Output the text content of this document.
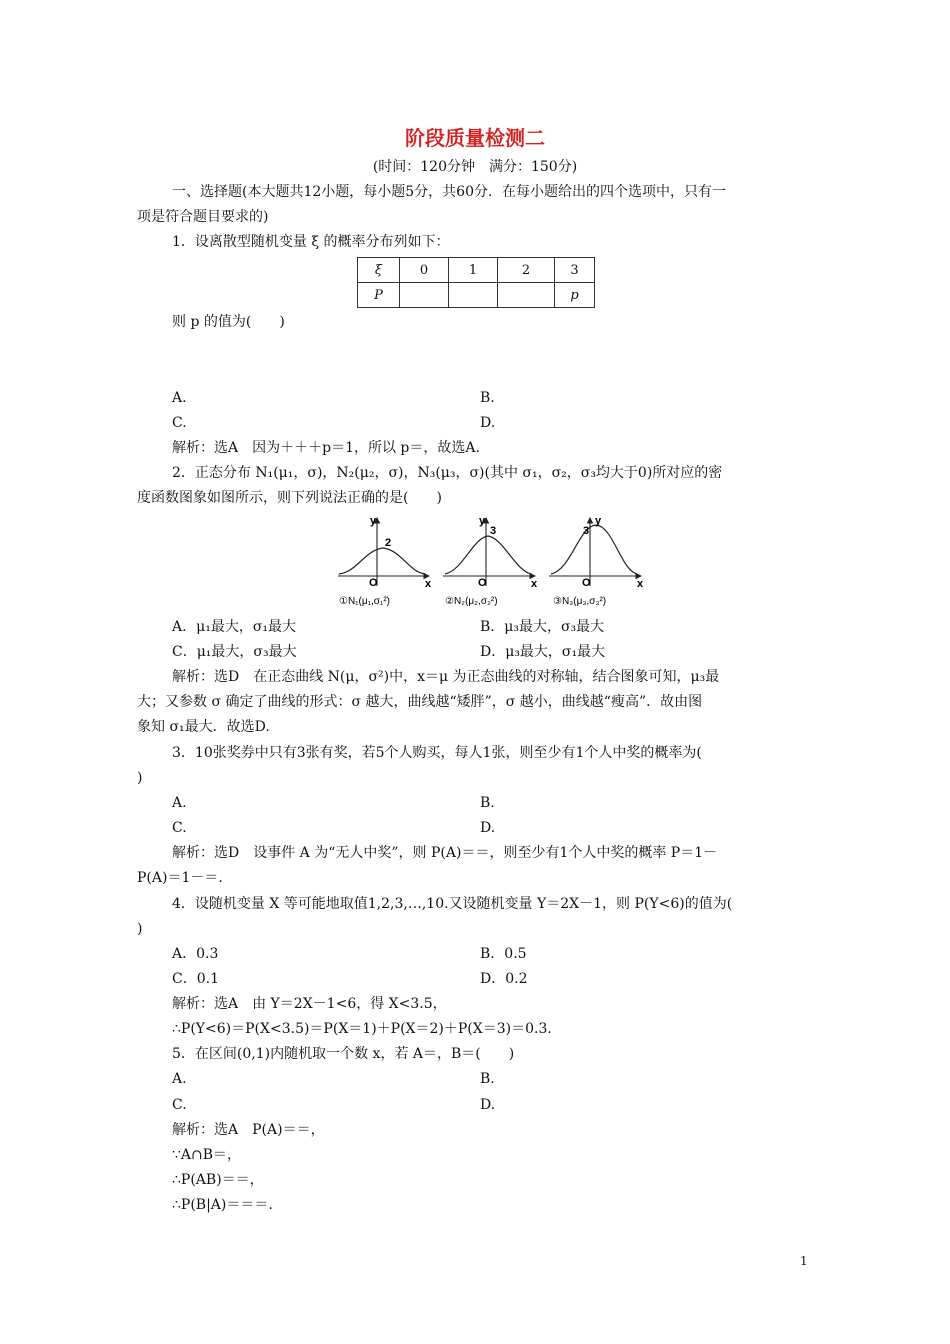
阶段质量检测二
(时间：120分钟　满分：150分)
一、选择题(本大题共12小题，每小题5分，共60分．在每小题给出的四个选项中，只有一
项是符合题目要求的)
1．设离散型随机变量 ξ 的概率分布列如下：
ξ	0	1	2	3
P				p
则 p 的值为(　　)
A.	B.
C.	D.
解析：选A　因为＋＋＋p＝1，所以 p＝，故选A.
2．正态分布 N₁(μ₁，σ)，N₂(μ₂，σ)，N₃(μ₃，σ)(其中 σ₁，σ₂，σ₃均大于0)所对应的密
度函数图象如图所示，则下列说法正确的是(　　)
y
x
O
2
①N₁(μ₁,σ₁²)
y
x
O
3
②N₂(μ₂,σ₂²)
y
x
O
3
③N₃(μ₃,σ₃²)
A．μ₁最大，σ₁最大	B．μ₃最大，σ₃最大
C．μ₁最大，σ₃最大	D．μ₃最大，σ₁最大
解析：选D　在正态曲线 N(μ，σ²)中，x＝μ 为正态曲线的对称轴，结合图象可知，μ₃最
大；又参数 σ 确定了曲线的形式：σ 越大，曲线越“矮胖”，σ 越小，曲线越“瘦高”．故由图
象知 σ₁最大．故选D.
3．10张奖券中只有3张有奖，若5个人购买，每人1张，则至少有1个人中奖的概率为(
)
A.	B.
C.	D.
解析：选D　设事件 A 为“无人中奖”，则 P(A)＝＝，则至少有1个人中奖的概率 P＝1－
P(A)＝1－＝.
4．设随机变量 X 等可能地取值1,2,3,…,10.又设随机变量 Y＝2X－1，则 P(Y<6)的值为(
)
A．0.3	B．0.5
C．0.1	D．0.2
解析：选A　由 Y＝2X－1<6，得 X<3.5，
∴P(Y<6)＝P(X<3.5)＝P(X＝1)＋P(X＝2)＋P(X＝3)＝0.3.
5．在区间(0,1)内随机取一个数 x，若 A＝，B＝(　　)
A.	B.
C.	D.
解析：选A　P(A)＝＝，
∵A∩B＝，
∴P(AB)＝＝，
∴P(B|A)＝＝＝.
1
